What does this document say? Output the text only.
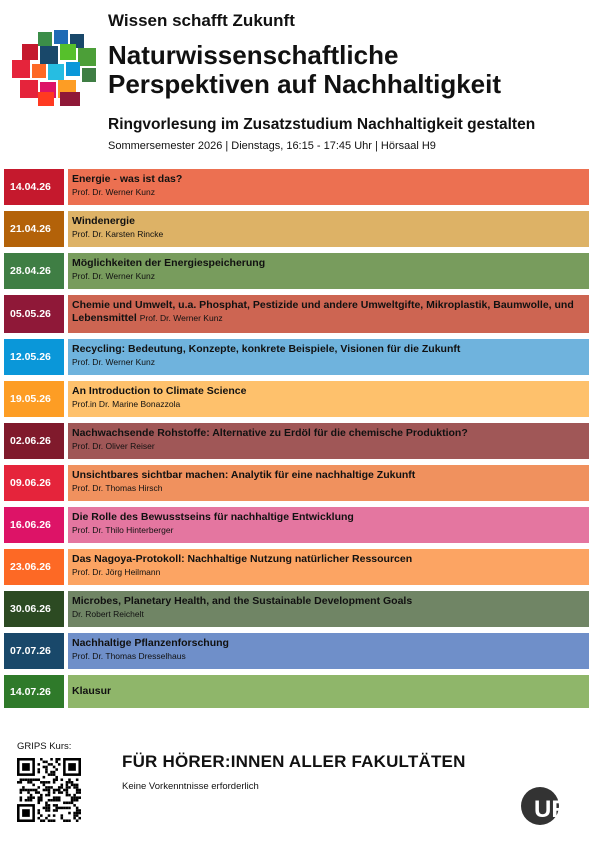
Wissen schafft Zukunft
Naturwissenschaftliche
Perspektiven auf Nachhaltigkeit
Ringvorlesung im Zusatzstudium Nachhaltigkeit gestalten
Sommersemester 2026 | Dienstags, 16:15 - 17:45 Uhr | Hörsaal H9
14.04.26
Energie - was ist das?
Prof. Dr. Werner Kunz
21.04.26
Windenergie
Prof. Dr. Karsten Rincke
28.04.26
Möglichkeiten der Energiespeicherung
Prof. Dr. Werner Kunz
05.05.26
Chemie und Umwelt, u.a. Phosphat, Pestizide und andere Umweltgifte, Mikroplastik, Baumwolle, und Lebensmittel Prof. Dr. Werner Kunz
12.05.26
Recycling: Bedeutung, Konzepte, konkrete Beispiele, Visionen für die Zukunft
Prof. Dr. Werner Kunz
19.05.26
An Introduction to Climate Science
Prof.in Dr. Marine Bonazzola
02.06.26
Nachwachsende Rohstoffe: Alternative zu Erdöl für die chemische Produktion?
Prof. Dr. Oliver Reiser
09.06.26
Unsichtbares sichtbar machen: Analytik für eine nachhaltige Zukunft
Prof. Dr. Thomas Hirsch
16.06.26
Die Rolle des Bewusstseins für nachhaltige Entwicklung
Prof. Dr. Thilo Hinterberger
23.06.26
Das Nagoya-Protokoll: Nachhaltige Nutzung natürlicher Ressourcen
Prof. Dr. Jörg Heilmann
30.06.26
Microbes, Planetary Health, and the Sustainable Development Goals
Dr. Robert Reichelt
07.07.26
Nachhaltige Pflanzenforschung
Prof. Dr. Thomas Dresselhaus
14.07.26	Klausur
GRIPS Kurs:
FÜR HÖRER:INNEN ALLER FAKULTÄTEN
Keine Vorkenntnisse erforderlich
UR
